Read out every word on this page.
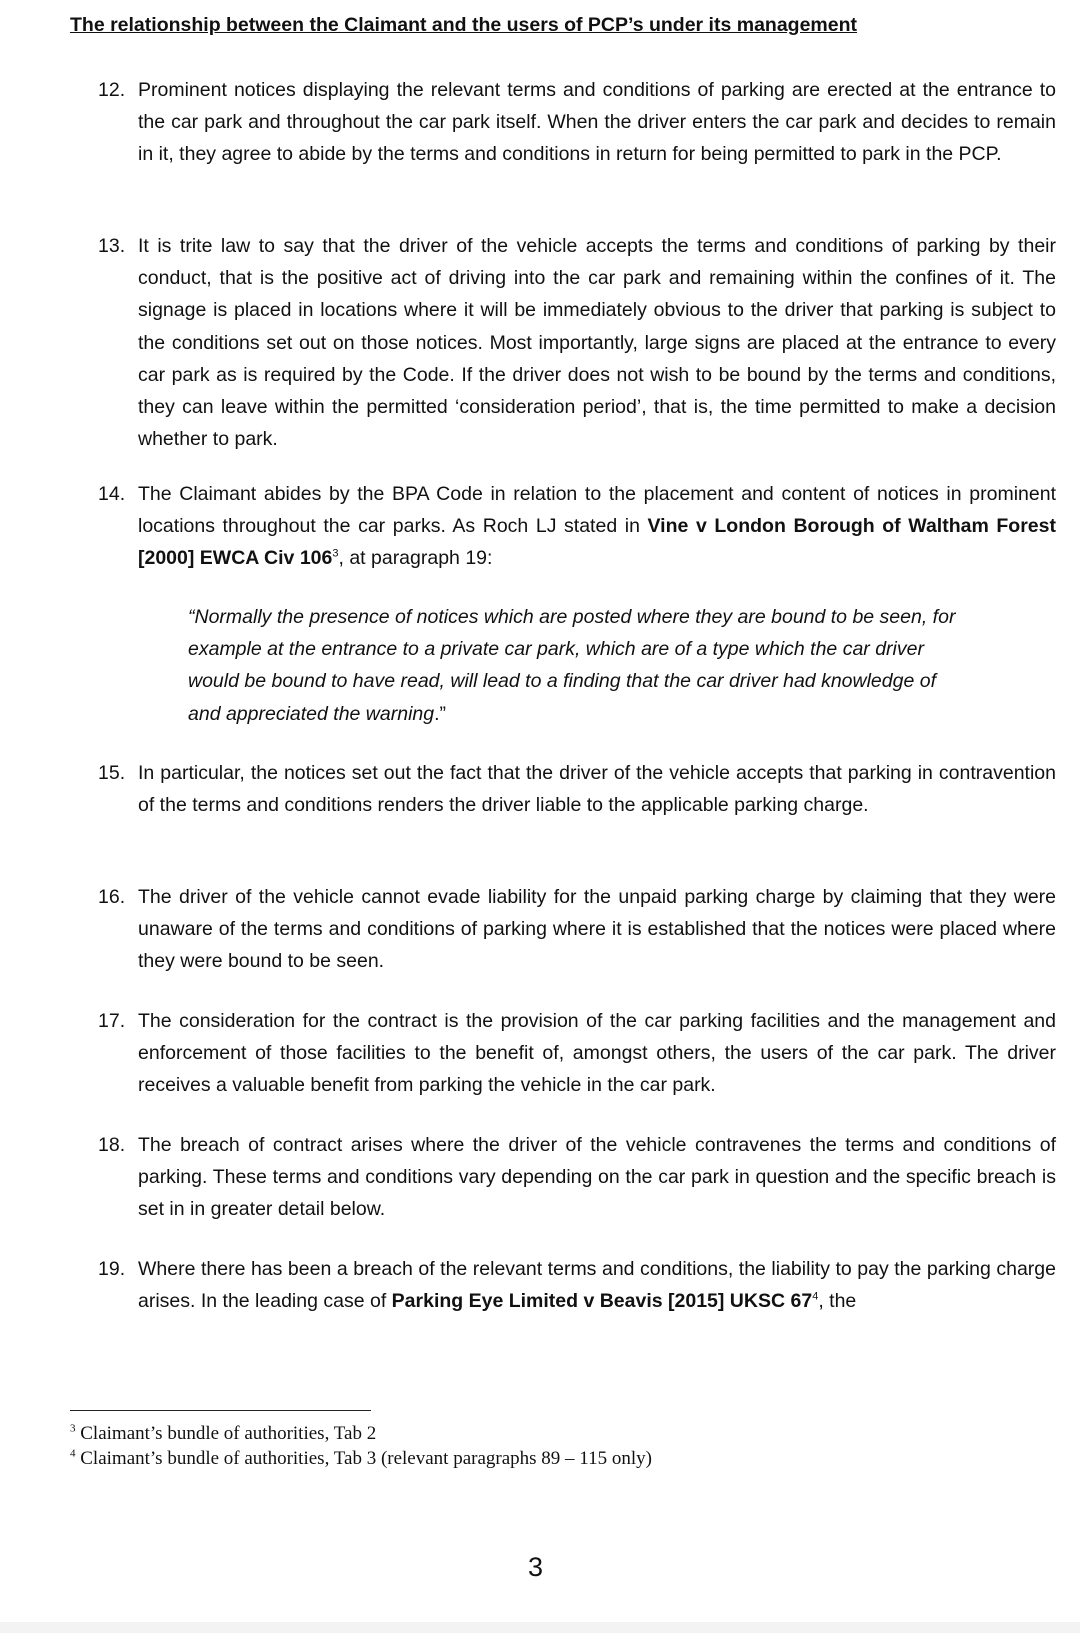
The relationship between the Claimant and the users of PCP’s under its management
12. Prominent notices displaying the relevant terms and conditions of parking are erected at the entrance to the car park and throughout the car park itself. When the driver enters the car park and decides to remain in it, they agree to abide by the terms and conditions in return for being permitted to park in the PCP.
13. It is trite law to say that the driver of the vehicle accepts the terms and conditions of parking by their conduct, that is the positive act of driving into the car park and remaining within the confines of it. The signage is placed in locations where it will be immediately obvious to the driver that parking is subject to the conditions set out on those notices. Most importantly, large signs are placed at the entrance to every car park as is required by the Code. If the driver does not wish to be bound by the terms and conditions, they can leave within the permitted ‘consideration period’, that is, the time permitted to make a decision whether to park.
14. The Claimant abides by the BPA Code in relation to the placement and content of notices in prominent locations throughout the car parks. As Roch LJ stated in Vine v London Borough of Waltham Forest [2000] EWCA Civ $106^3$, at paragraph 19:
“Normally the presence of notices which are posted where they are bound to be seen, for example at the entrance to a private car park, which are of a type which the car driver would be bound to have read, will lead to a finding that the car driver had knowledge of and appreciated the warning.”
15. In particular, the notices set out the fact that the driver of the vehicle accepts that parking in contravention of the terms and conditions renders the driver liable to the applicable parking charge.
16. The driver of the vehicle cannot evade liability for the unpaid parking charge by claiming that they were unaware of the terms and conditions of parking where it is established that the notices were placed where they were bound to be seen.
17. The consideration for the contract is the provision of the car parking facilities and the management and enforcement of those facilities to the benefit of, amongst others, the users of the car park. The driver receives a valuable benefit from parking the vehicle in the car park.
18. The breach of contract arises where the driver of the vehicle contravenes the terms and conditions of parking. These terms and conditions vary depending on the car park in question and the specific breach is set in in greater detail below.
19. Where there has been a breach of the relevant terms and conditions, the liability to pay the parking charge arises. In the leading case of Parking Eye Limited v Beavis [2015] UKSC $67^4$, the
$^3$ Claimant’s bundle of authorities, Tab 2
$^4$ Claimant’s bundle of authorities, Tab 3 (relevant paragraphs 89 – 115 only)
3
